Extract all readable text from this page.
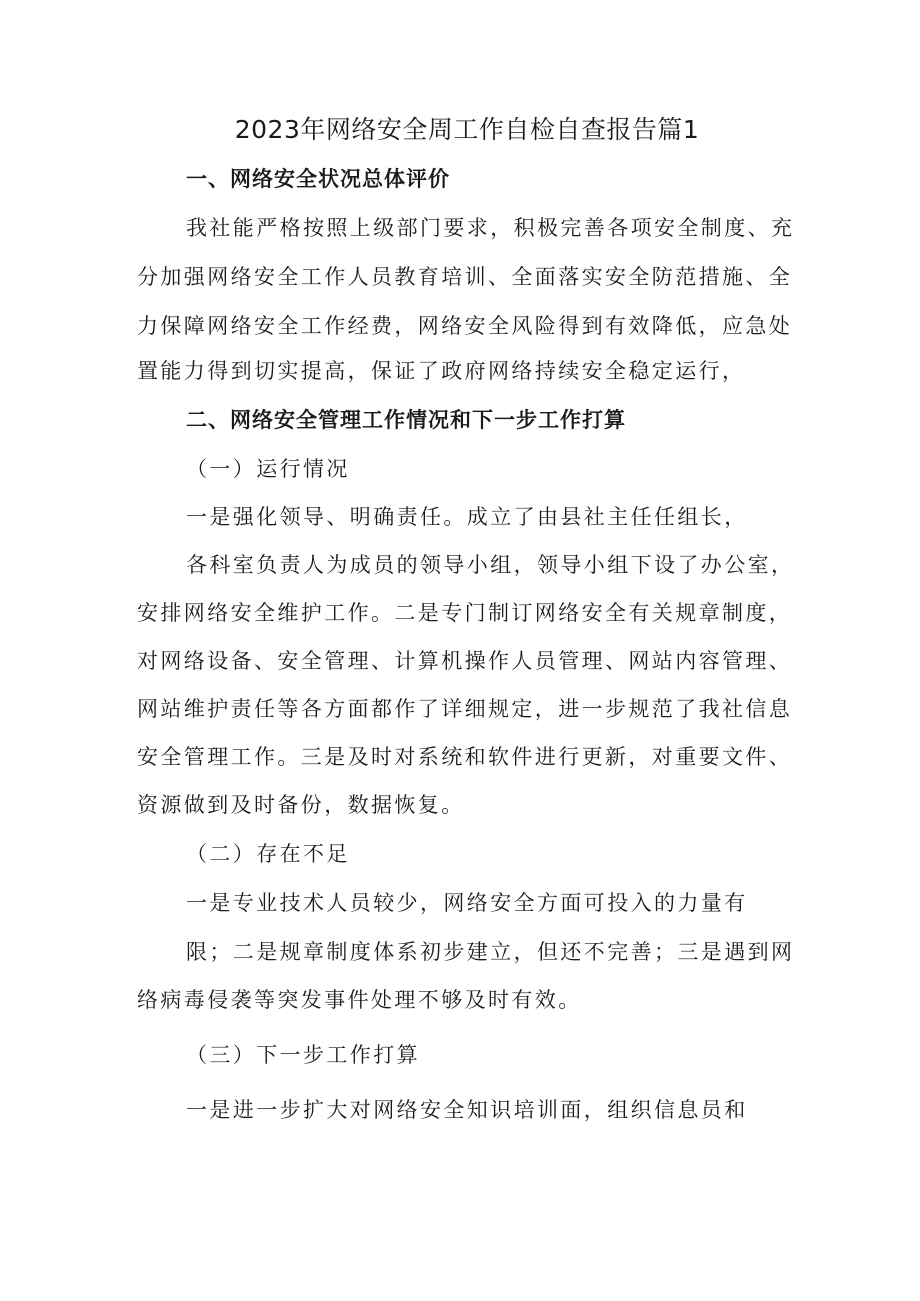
2023年网络安全周工作自检自查报告篇1
一、网络安全状况总体评价
我社能严格按照上级部门要求，积极完善各项安全制度、充
分加强网络安全工作人员教育培训、全面落实安全防范措施、全
力保障网络安全工作经费，网络安全风险得到有效降低，应急处
置能力得到切实提高，保证了政府网络持续安全稳定运行，
二、网络安全管理工作情况和下一步工作打算
（一）运行情况
一是强化领导、明确责任。成立了由县社主任任组长，
各科室负责人为成员的领导小组，领导小组下设了办公室，
安排网络安全维护工作。二是专门制订网络安全有关规章制度，
对网络设备、安全管理、计算机操作人员管理、网站内容管理、
网站维护责任等各方面都作了详细规定，进一步规范了我社信息
安全管理工作。三是及时对系统和软件进行更新，对重要文件、
资源做到及时备份，数据恢复。
（二）存在不足
一是专业技术人员较少，网络安全方面可投入的力量有
限；二是规章制度体系初步建立，但还不完善；三是遇到网
络病毒侵袭等突发事件处理不够及时有效。
（三）下一步工作打算
一是进一步扩大对网络安全知识培训面，组织信息员和
